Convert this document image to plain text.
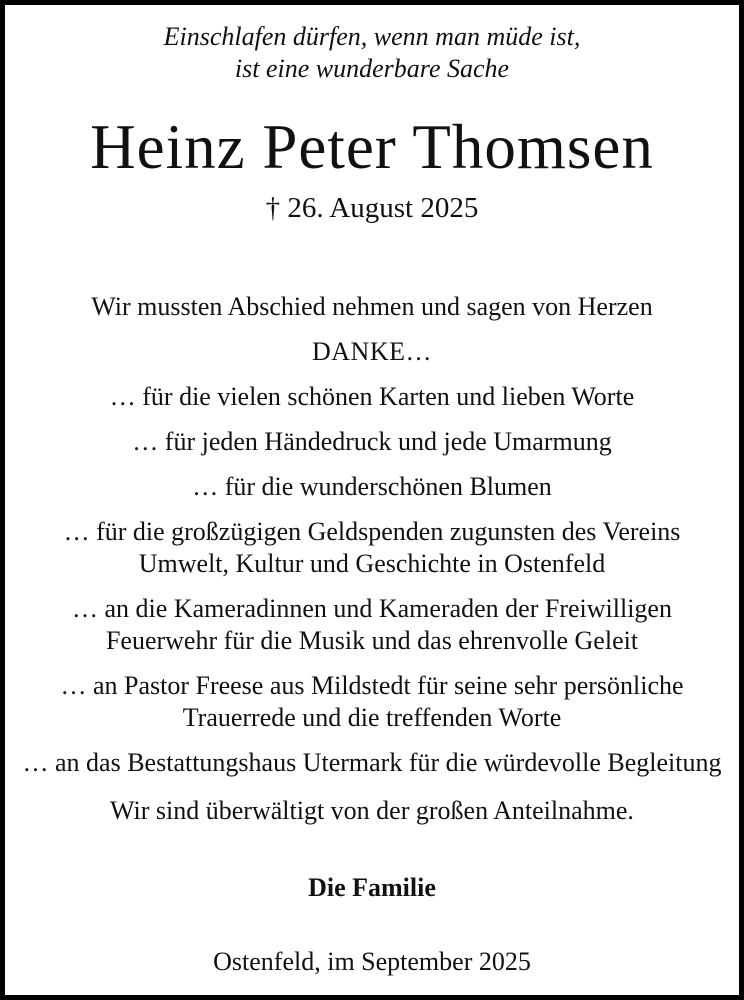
Einschlafen dürfen, wenn man müde ist,
ist eine wunderbare Sache
Heinz Peter Thomsen
† 26. August 2025

Wir mussten Abschied nehmen und sagen von Herzen

DANKE…

… für die vielen schönen Karten und lieben Worte

… für jeden Händedruck und jede Umarmung

… für die wunderschönen Blumen

… für die großzügigen Geldspenden zugunsten des Vereins Umwelt, Kultur und Geschichte in Ostenfeld

… an die Kameradinnen und Kameraden der Freiwilligen Feuerwehr für die Musik und das ehrenvolle Geleit

… an Pastor Freese aus Mildstedt für seine sehr persönliche Trauerrede und die treffenden Worte

… an das Bestattungshaus Utermark für die würdevolle Begleitung

Wir sind überwältigt von der großen Anteilnahme.

Die Familie

Ostenfeld, im September 2025
